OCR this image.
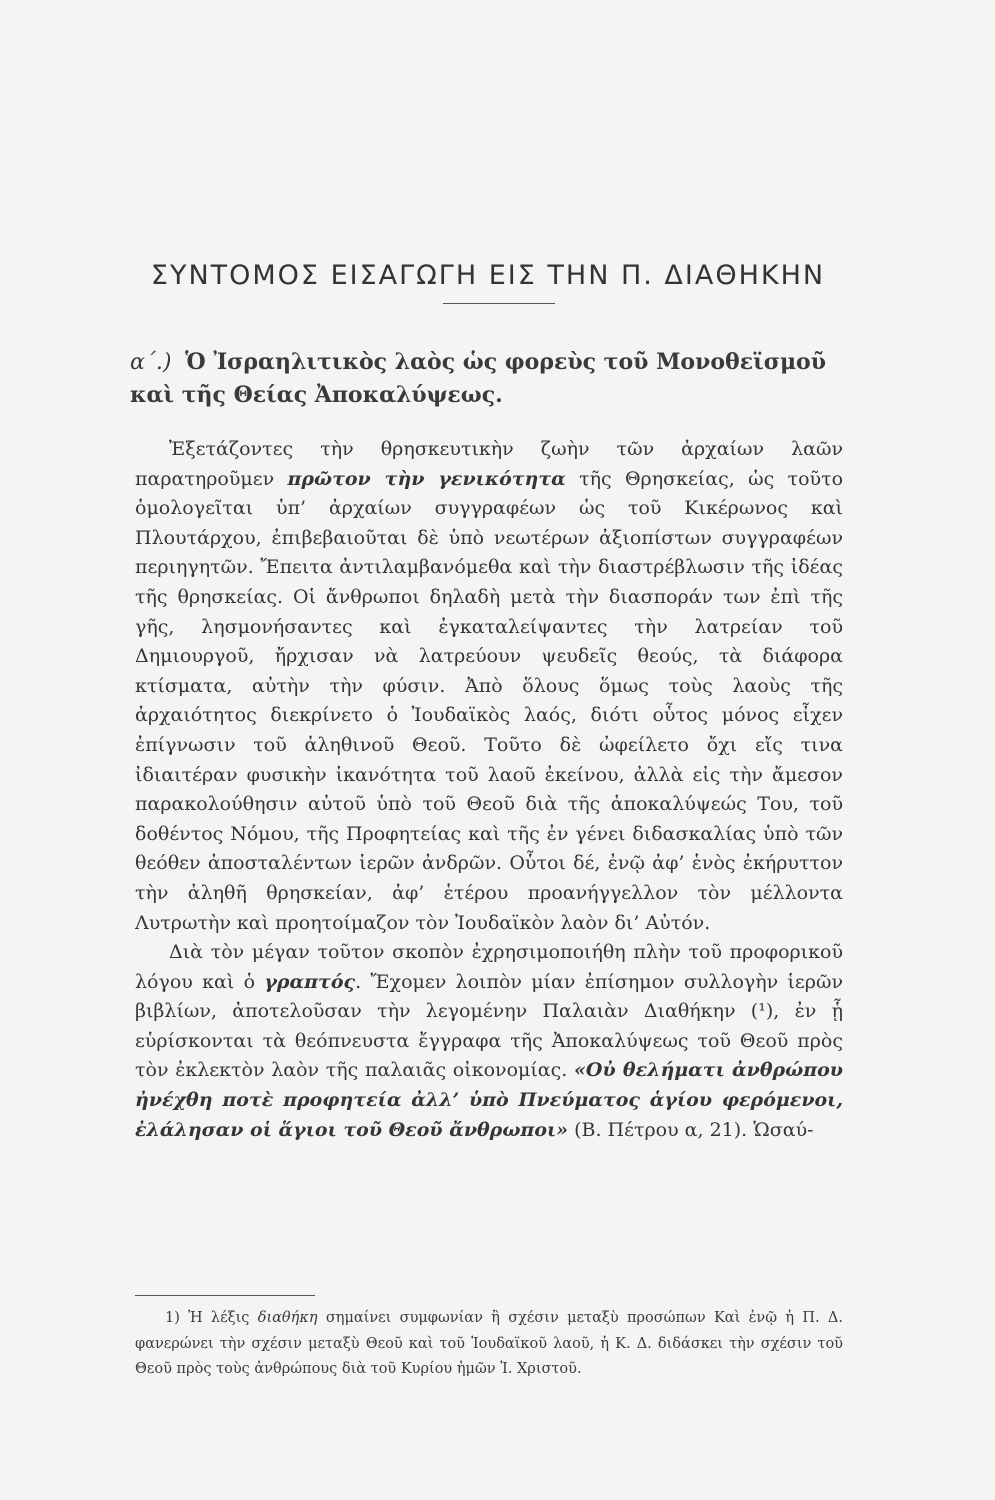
ΣΥΝΤΟΜΟΣ ΕΙΣΑΓΩΓΗ ΕΙΣ ΤΗΝ Π. ΔΙΑΘΗΚΗΝ
α΄.) Ὁ Ἰσραηλιτικὸς λαὸς ὡς φορεὺς τοῦ Μονοθεϊσμοῦ καὶ τῆς Θείας Ἀποκαλύψεως.

Ἐξετάζοντες τὴν θρησκευτικὴν ζωὴν τῶν ἀρχαίων λαῶν παρατηροῦμεν πρῶτον τὴν γενικότητα τῆς Θρησκείας, ὡς τοῦτο ὁμολογεῖται ὑπ’ ἀρχαίων συγγραφέων ὡς τοῦ Κικέρωνος καὶ Πλουτάρχου, ἐπιβεβαιοῦται δὲ ὑπὸ νεωτέρων ἀξιοπίστων συγγραφέων περιηγητῶν. Ἔπειτα ἀντιλαμβανόμεθα καὶ τὴν διαστρέβλωσιν τῆς ἰδέας τῆς θρησκείας. Οἱ ἄνθρωποι δηλαδὴ μετὰ τὴν διασποράν των ἐπὶ τῆς γῆς, λησμονήσαντες καὶ ἐγκαταλείψαντες τὴν λατρείαν τοῦ Δημιουργοῦ, ἤρχισαν νὰ λατρεύουν ψευδεῖς θεούς, τὰ διάφορα κτίσματα, αὐτὴν τὴν φύσιν. Ἀπὸ ὅλους ὅμως τοὺς λαοὺς τῆς ἀρχαιότητος διεκρίνετο ὁ Ἰουδαϊκὸς λαός, διότι οὗτος μόνος εἶχεν ἐπίγνωσιν τοῦ ἀληθινοῦ Θεοῦ. Τοῦτο δὲ ὠφείλετο ὄχι εἴς τινα ἰδιαιτέραν φυσικὴν ἱκανότητα τοῦ λαοῦ ἐκείνου, ἀλλὰ εἰς τὴν ἄμεσον παρακολούθησιν αὐτοῦ ὑπὸ τοῦ Θεοῦ διὰ τῆς ἀποκαλύψεώς Του, τοῦ δοθέντος Νόμου, τῆς Προφητείας καὶ τῆς ἐν γένει διδασκαλίας ὑπὸ τῶν θεόθεν ἀποσταλέντων ἱερῶν ἀνδρῶν. Οὗτοι δέ, ἐνῷ ἀφ’ ἑνὸς ἐκήρυττον τὴν ἀληθῆ θρησκείαν, ἀφ’ ἑτέρου προανήγγελλον τὸν μέλλοντα Λυτρωτὴν καὶ προητοίμαζον τὸν Ἰουδαϊκὸν λαὸν δι’ Αὐτόν.

Διὰ τὸν μέγαν τοῦτον σκοπὸν ἐχρησιμοποιήθη πλὴν τοῦ προφορικοῦ λόγου καὶ ὁ γραπτός. Ἔχομεν λοιπὸν μίαν ἐπίσημον συλλογὴν ἱερῶν βιβλίων, ἀποτελοῦσαν τὴν λεγομένην Παλαιὰν Διαθήκην (¹), ἐν ᾗ εὑρίσκονται τὰ θεόπνευστα ἔγγραφα τῆς Ἀποκαλύψεως τοῦ Θεοῦ πρὸς τὸν ἐκλεκτὸν λαὸν τῆς παλαιᾶς οἰκονομίας. «Οὐ θελήματι ἀνθρώπου ἠνέχθη ποτὲ προφητεία ἀλλ’ ὑπὸ Πνεύματος ἁγίου φερόμενοι, ἐλάλησαν οἱ ἅγιοι τοῦ Θεοῦ ἄνθρωποι» (Β. Πέτρου α, 21). Ὡσαύ-

1) Ἡ λέξις διαθήκη σημαίνει συμφωνίαν ἢ σχέσιν μεταξὺ προσώπων Καὶ ἐνῷ ἡ Π. Δ. φανερώνει τὴν σχέσιν μεταξὺ Θεοῦ καὶ τοῦ Ἰουδαϊκοῦ λαοῦ, ἡ Κ. Δ. διδάσκει τὴν σχέσιν τοῦ Θεοῦ πρὸς τοὺς ἀνθρώπους διὰ τοῦ Κυρίου ἡμῶν Ἰ. Χριστοῦ.
